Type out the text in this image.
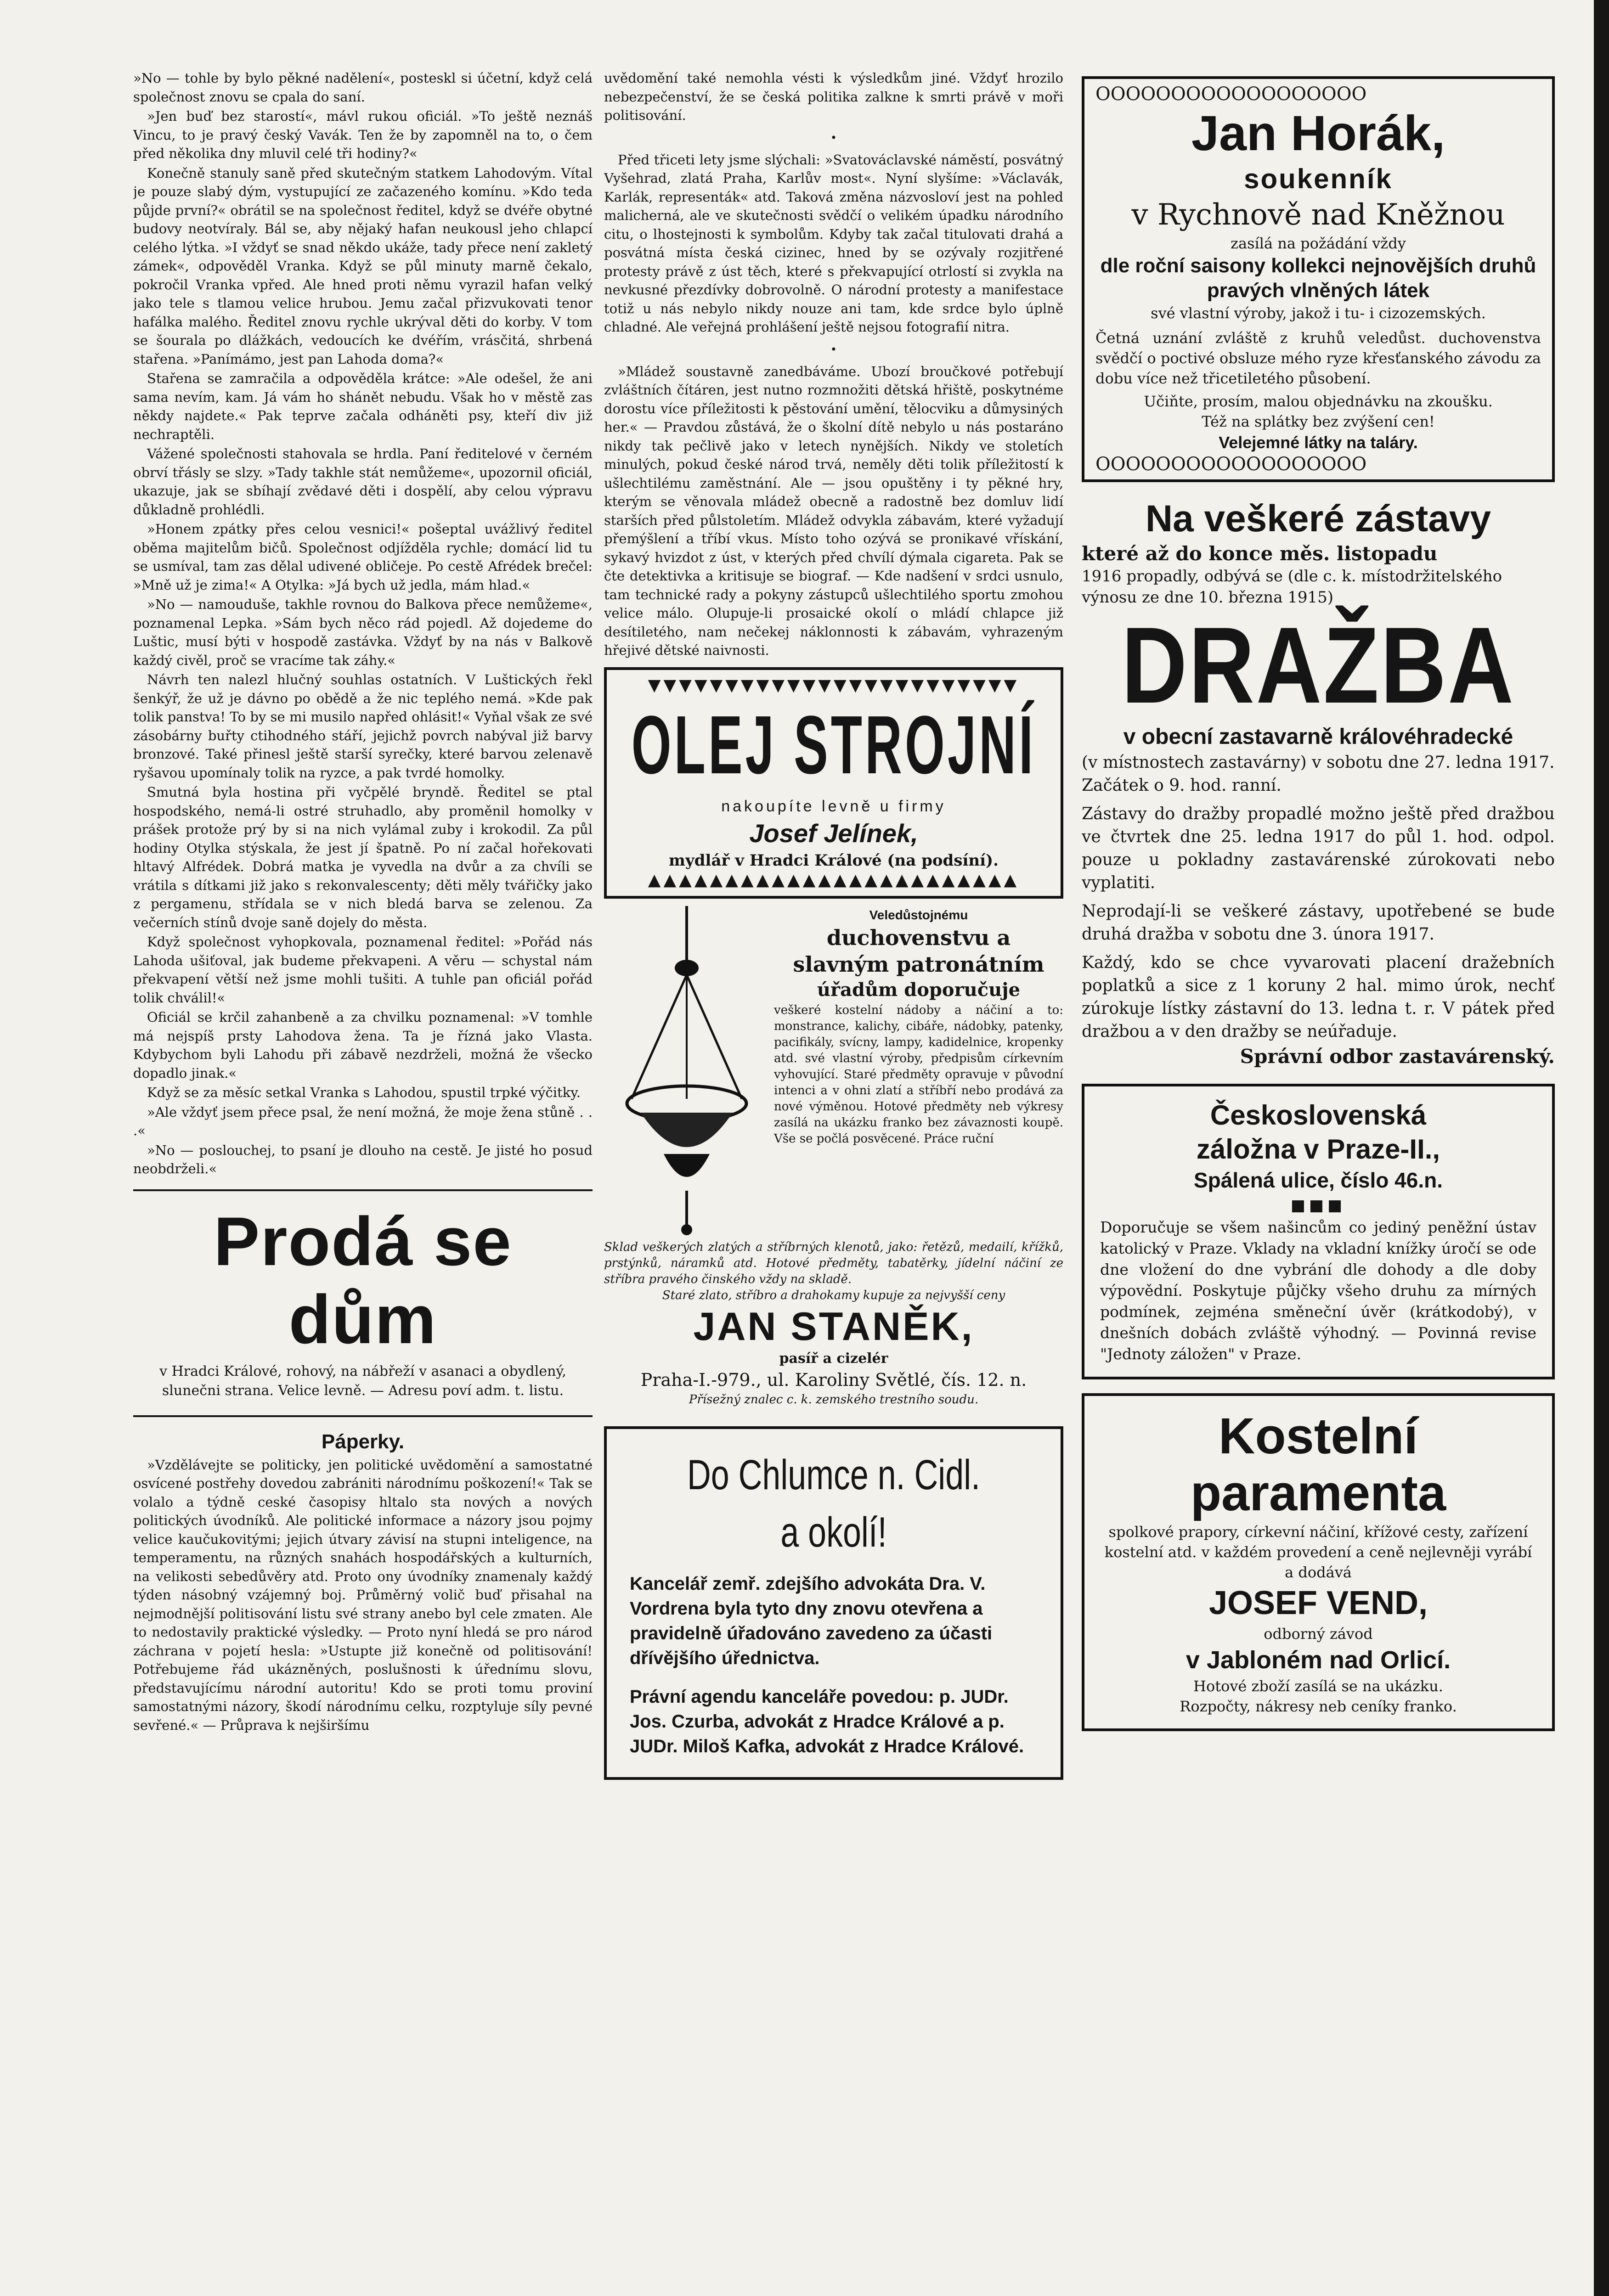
»No — tohle by bylo pěkné nadělení«, posteskl si účetní, když celá společnost znovu se cpala do saní.

»Jen buď bez starostí«, mávl rukou oficiál. »To ještě neznáš Vincu, to je pravý český Vavák. Ten že by zapomněl na to, o čem před několika dny mluvil celé tři hodiny?«

Konečně stanuly saně před skutečným statkem Lahodovým. Vítal je pouze slabý dým, vystupující ze začazeného komínu. »Kdo teda půjde první?« obrátil se na společnost ředitel, když se dvéře obytné budovy neotvíraly. Bál se, aby nějaký hafan neukousl jeho chlapcí celého lýtka. »I vždyť se snad někdo ukáže, tady přece není zakletý zámek«, odpověděl Vranka. Když se půl minuty marně čekalo, pokročil Vranka vpřed. Ale hned proti němu vyrazil hafan velký jako tele s tlamou velice hrubou. Jemu začal přizvukovati tenor hafálka malého. Ředitel znovu rychle ukrýval děti do korby. V tom se šourala po dlážkách, vedoucích ke dvéřím, vrásčitá, shrbená stařena. »Panímámo, jest pan Lahoda doma?«

Stařena se zamračila a odpověděla krátce: »Ale odešel, že ani sama nevím, kam. Já vám ho shánět nebudu. Však ho v městě zas někdy najdete.« Pak teprve začala odháněti psy, kteří div již nechraptěli.

Vážené společnosti stahovala se hrdla. Paní ředitelové v černém obrví třásly se slzy. »Tady takhle stát nemůžeme«, upozornil oficiál, ukazuje, jak se sbíhají zvědavé děti i dospělí, aby celou výpravu důkladně prohlédli.

»Honem zpátky přes celou vesnici!« pošeptal uvážlivý ředitel oběma majitelům bičů. Společnost odjížděla rychle; domácí lid tu se usmíval, tam zas dělal udivené obličeje. Po cestě Afrédek brečel: »Mně už je zima!« A Otylka: »Já bych už jedla, mám hlad.«

»No — namouduše, takhle rovnou do Balkova přece nemůžeme«, poznamenal Lepka. »Sám bych něco rád pojedl. Až dojedeme do Luštic, musí býti v hospodě zastávka. Vždyť by na nás v Balkově každý civěl, proč se vracíme tak záhy.«

Návrh ten nalezl hlučný souhlas ostatních. V Luštických řekl šenkýř, že už je dávno po obědě a že nic teplého nemá. »Kde pak tolik panstva! To by se mi musilo napřed ohlásit!« Vyňal však ze své zásobárny buřty ctihodného stáří, jejichž povrch nabýval již barvy bronzové. Také přinesl ještě starší syrečky, které barvou zelenavě ryšavou upomínaly tolik na ryzce, a pak tvrdé homolky.

Smutná byla hostina při vyčpělé bryndě. Ředitel se ptal hospodského, nemá-li ostré struhadlo, aby proměnil homolky v prášek protože prý by si na nich vylámal zuby i krokodil. Za půl hodiny Otylka stýskala, že jest jí špatně. Po ní začal hořekovati hltavý Alfrédek. Dobrá matka je vyvedla na dvůr a za chvíli se vrátila s dítkami již jako s rekonvalescenty; děti měly tvářičky jako z pergamenu, střídala se v nich bledá barva se zelenou. Za večerních stínů dvoje saně dojely do města.

Když společnost vyhopkovala, poznamenal ředitel: »Pořád nás Lahoda ušiťoval, jak budeme překvapeni. A věru — schystal nám překvapení větší než jsme mohli tušiti. A tuhle pan oficiál pořád tolik chválil!«

Oficiál se krčil zahanbeně a za chvilku poznamenal: »V tomhle má nejspíš prsty Lahodova žena. Ta je řízná jako Vlasta. Kdybychom byli Lahodu při zábavě nezdrželi, možná že všecko dopadlo jinak.«

Když se za měsíc setkal Vranka s Lahodou, spustil trpké výčitky.

»Ale vždyť jsem přece psal, že není možná, že moje žena stůně . . .«

»No — poslouchej, to psaní je dlouho na cestě. Je jisté ho posud neobdrželi.«

Prodá se dům
v Hradci Králové, rohový, na nábřeží v asanaci a obydlený, slunečni strana. Velice levně. — Adresu poví adm. t. listu.
Páperky.

»Vzdělávejte se politicky, jen politické uvědomění a samostatné osvícené postřehy dovedou zabrániti národnímu poškození!« Tak se volalo a týdně ceské časopisy hltalo sta nových a nových politických úvodníků. Ale politické informace a názory jsou pojmy velice kaučukovitými; jejich útvary závisí na stupni inteligence, na temperamentu, na různých snahách hospodářských a kulturních, na velikosti sebedůvěry atd. Proto ony úvodníky znamenaly každý týden násobný vzájemný boj. Průměrný volič buď přisahal na nejmodnější politisování listu své strany anebo byl cele zmaten. Ale to nedostavily praktické výsledky. — Proto nyní hledá se pro národ záchrana v pojetí hesla: »Ustupte již konečně od politisování! Potřebujeme řád ukázněných, poslušnosti k úřednímu slovu, představujícímu národní autoritu! Kdo se proti tomu proviní samostatnými názory, škodí národnímu celku, rozptyluje síly pevné sevřené.« — Průprava k nejširšímu

uvědomění také nemohla vésti k výsledkům jiné. Vždyť hrozilo nebezpečenství, že se česká politika zalkne k smrti právě v moři politisování.

•

Před třiceti lety jsme slýchali: »Svatováclavské náměstí, posvátný Vyšehrad, zlatá Praha, Karlův most«. Nyní slyšíme: »Václavák, Karlák, representák« atd. Taková změna názvosloví jest na pohled malicherná, ale ve skutečnosti svědčí o velikém úpadku národního citu, o lhostejnosti k symbolům. Kdyby tak začal titulovati drahá a posvátná místa česká cizinec, hned by se ozývaly rozjitřené protesty právě z úst těch, které s překvapující otrlostí si zvykla na nevkusné přezdívky dobrovolně. O národní protesty a manifestace totiž u nás nebylo nikdy nouze ani tam, kde srdce bylo úplně chladné. Ale veřejná prohlášení ještě nejsou fotografií nitra.

•

»Mládež soustavně zanedbáváme. Ubozí broučkové potřebují zvláštních čítáren, jest nutno rozmnožiti dětská hřiště, poskytnéme dorostu více příležitosti k pěstování umění, tělocviku a důmysiných her.« — Pravdou zůstává, že o školní dítě nebylo u nás postaráno nikdy tak pečlivě jako v letech nynějších. Nikdy ve stoletích minulých, pokud české národ trvá, neměly děti tolik příležitostí k ušlechtilému zaměstnání. Ale — jsou opuštěny i ty pěkné hry, kterým se věnovala mládež obecně a radostně bez domluv lidí starších před půlstoletím. Mládež odvykla zábavám, které vyžadují přemýšlení a tříbí vkus. Místo toho ozývá se pronikavé vřískání, sykavý hvizdot z úst, v kterých před chvílí dýmala cigareta. Pak se čte detektivka a kritisuje se biograf. — Kde nadšení v srdci usnulo, tam technické rady a pokyny zástupců ušlechtilého sportu zmohou velice málo. Olupuje-li prosaické okolí o mládí chlapce již desítiletého, nam nečekej náklonnosti k zábavám, vyhrazeným hřejivé dětské naivnosti.

▼▼▼▼▼▼▼▼▼▼▼▼▼▼▼▼▼▼▼▼▼▼▼▼
OLEJ STROJNÍ
nakoupíte levně u firmy
Josef Jelínek,
mydlář v Hradci Králové (na podsíní).
▲▲▲▲▲▲▲▲▲▲▲▲▲▲▲▲▲▲▲▲▲▲▲▲
Veledůstojnému
duchovenstvu a
slavným patronátním
úřadům doporučuje
veškeré kostelní nádoby a náčiní a to: monstrance, kalichy, cibáře, nádobky, patenky, pacifikály, svícny, lampy, kadidelnice, kropenky atd. své vlastní výroby, předpisům církevním vyhovující. Staré předměty opravuje v původní intenci a v ohni zlatí a stříbří nebo prodává za nové výměnou. Hotové předměty neb výkresy zasílá na ukázku franko bez závaznosti koupě. Vše se počlá posvěcené. Práce ruční
Sklad veškerých zlatých a stříbrných klenotů, jako: řetězů, medailí, křížků, prstýnků, náramků atd. Hotové předměty, tabatěrky, jídelní náčiní ze stříbra pravého činského vždy na skladě.
Staré zlato, stříbro a drahokamy kupuje za nejvyšší ceny
JAN STANĚK,
pasíř a cizelér
Praha-I.-979., ul. Karoliny Světlé, čís. 12. n.
Přísežný znalec c. k. zemského trestního soudu.
Do Chlumce n. Cidl.
a okolí!
Kancelář zemř. zdejšího advokáta Dra. V. Vordrena byla tyto dny znovu otevřena a pravidelně úřadováno zavedeno za účasti dřívějšího úřednictva.
Právní agendu kanceláře povedou: p. JUDr. Jos. Czurba, advokát z Hradce Králové a p. JUDr. Miloš Kafka, advokát z Hradce Králové.
OOOOOOOOOOOOOOOOOO
Jan Horák,
soukenník
v Rychnově nad Kněžnou
zasílá na požádání vždy
dle roční saisony kollekci nejnovějších druhů pravých vlněných látek
své vlastní výroby, jakož i tu- i cizozemských.
Četná uznání zvláště z kruhů veledůst. duchovenstva svědčí o poctivé obsluze mého ryze křesťanského závodu za dobu více než třicetiletého působení.
Učiňte, prosím, malou objednávku na zkoušku.
Též na splátky bez zvýšení cen!
Velejemné látky na taláry.
OOOOOOOOOOOOOOOOOO
Na veškeré zástavy
které až do konce měs. listopadu
1916 propadly, odbývá se (dle c. k. místodržitelského výnosu ze dne 10. března 1915)
DRAŽBA
v obecní zastavarně královéhradecké
(v místnostech zastavárny) v sobotu dne 27. ledna 1917. Začátek o 9. hod. ranní.
Zástavy do dražby propadlé možno ještě před dražbou ve čtvrtek dne 25. ledna 1917 do půl 1. hod. odpol. pouze u pokladny zastavárenské zúrokovati nebo vyplatiti.
Neprodají-li se veškeré zástavy, upotřebené se bude druhá dražba v sobotu dne 3. února 1917.
Každý, kdo se chce vyvarovati placení dražebních poplatků a sice z 1 koruny 2 hal. mimo úrok, nechť zúrokuje lístky zástavní do 13. ledna t. r. V pátek před dražbou a v den dražby se neúřaduje.
Správní odbor zastavárenský.
Československá
záložna v Praze-II.,
Spálená ulice, číslo 46.n.
■■■
Doporučuje se všem našincům co jediný peněžní ústav katolický v Praze. Vklady na vkladní knížky úročí se ode dne vložení do dne vybrání dle dohody a dle doby výpovědní. Poskytuje půjčky všeho druhu za mírných podmínek, zejména směneční úvěr (krátkodobý), v dnešních dobách zvláště výhodný. — Povinná revise "Jednoty záložen" v Praze.
Kostelní
paramenta
spolkové prapory, církevní náčiní, křížové cesty, zařízení kostelní atd. v každém provedení a ceně nejlevněji vyrábí a dodává
JOSEF VEND,
odborný závod
v Jabloném nad Orlicí.
Hotové zboží zasílá se na ukázku.
Rozpočty, nákresy neb ceníky franko.
